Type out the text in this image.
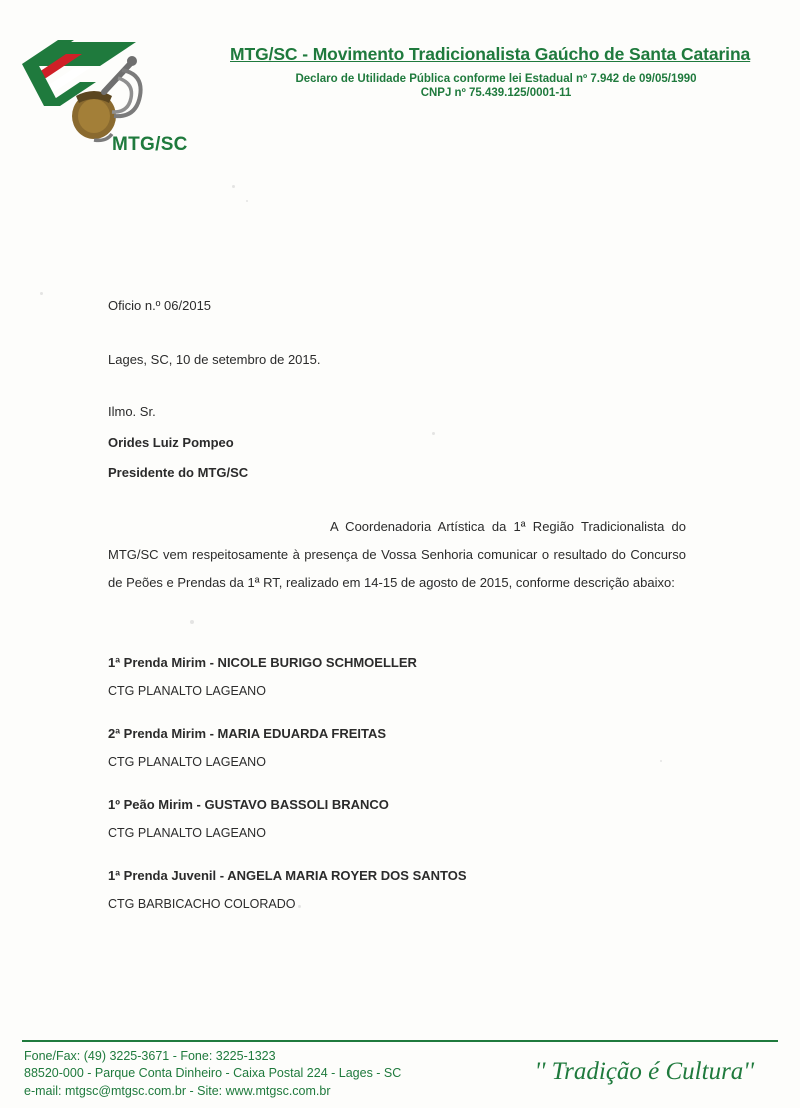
MTG/SC
MTG/SC - Movimento Tradicionalista Gaúcho de Santa Catarina
Declaro de Utilidade Pública conforme lei Estadual nº 7.942 de 09/05/1990
CNPJ nº 75.439.125/0001-11
Oficio n.º 06/2015
Lages, SC, 10 de setembro de 2015.
Ilmo. Sr.
Orides Luiz Pompeo
Presidente do MTG/SC
A Coordenadoria Artística da 1ª Região Tradicionalista do MTG/SC vem respeitosamente à presença de Vossa Senhoria comunicar o resultado do Concurso de Peões e Prendas da 1ª RT, realizado em 14-15 de agosto de 2015, conforme descrição abaixo:
1ª Prenda Mirim - NICOLE BURIGO SCHMOELLER
CTG PLANALTO LAGEANO
2ª Prenda Mirim - MARIA EDUARDA FREITAS
CTG PLANALTO LAGEANO
1º Peão Mirim - GUSTAVO BASSOLI BRANCO
CTG PLANALTO LAGEANO
1ª Prenda Juvenil - ANGELA MARIA ROYER DOS SANTOS
CTG BARBICACHO COLORADO
Fone/Fax: (49) 3225-3671 - Fone: 3225-1323
88520-000 - Parque Conta Dinheiro - Caixa Postal 224 - Lages - SC
e-mail: mtgsc@mtgsc.com.br - Site: www.mtgsc.com.br
'' Tradição é Cultura''
